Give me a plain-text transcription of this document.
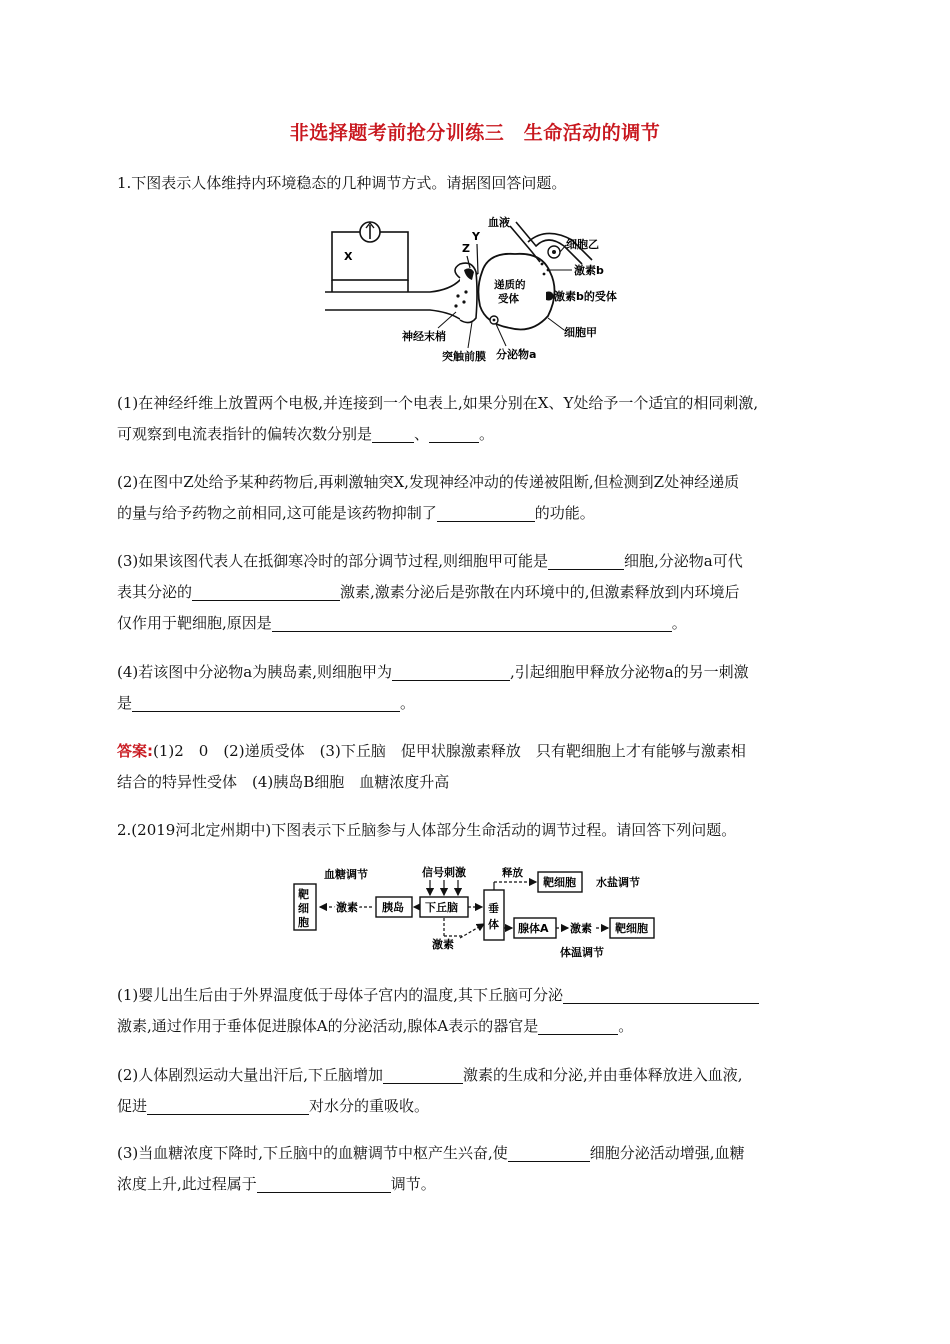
非选择题考前抢分训练三　生命活动的调节
1.下图表示人体维持内环境稳态的几种调节方式。请据图回答问题。
X
Z
Y
递质的
受体
血液
细胞乙
激素b
激素b的受体
细胞甲
神经末梢
突触前膜 分泌物a
(1)在神经纤维上放置两个电极,并连接到一个电表上,如果分别在X、Y处给予一个适宜的相同刺激,
可观察到电流表指针的偏转次数分别是	、	。
(2)在图中Z处给予某种药物后,再刺激轴突X,发现神经冲动的传递被阻断,但检测到Z处神经递质
的量与给予药物之前相同,这可能是该药物抑制了	的功能。
(3)如果该图代表人在抵御寒冷时的部分调节过程,则细胞甲可能是	细胞,分泌物a可代
表其分泌的	激素,激素分泌后是弥散在内环境中的,但激素释放到内环境后
仅作用于靶细胞,原因是	。
(4)若该图中分泌物a为胰岛素,则细胞甲为	,引起细胞甲释放分泌物a的另一刺激
是	。
答案:(1)2　0　(2)递质受体　(3)下丘脑　促甲状腺激素释放　只有靶细胞上才有能够与激素相
结合的特异性受体　(4)胰岛B细胞　血糖浓度升高
2.(2019河北定州期中)下图表示下丘脑参与人体部分生命活动的调节过程。请回答下列问题。
靶
细
胞
激素 胰岛
血糖调节
下丘脑
信号刺激
激素
垂
体
释放
靶细胞 水盐调节
腺体A 激素 靶细胞
体温调节
(1)婴儿出生后由于外界温度低于母体子宫内的温度,其下丘脑可分泌
激素,通过作用于垂体促进腺体A的分泌活动,腺体A表示的器官是	。
(2)人体剧烈运动大量出汗后,下丘脑增加	激素的生成和分泌,并由垂体释放进入血液,
促进	对水分的重吸收。
(3)当血糖浓度下降时,下丘脑中的血糖调节中枢产生兴奋,使	细胞分泌活动增强,血糖
浓度上升,此过程属于	调节。
